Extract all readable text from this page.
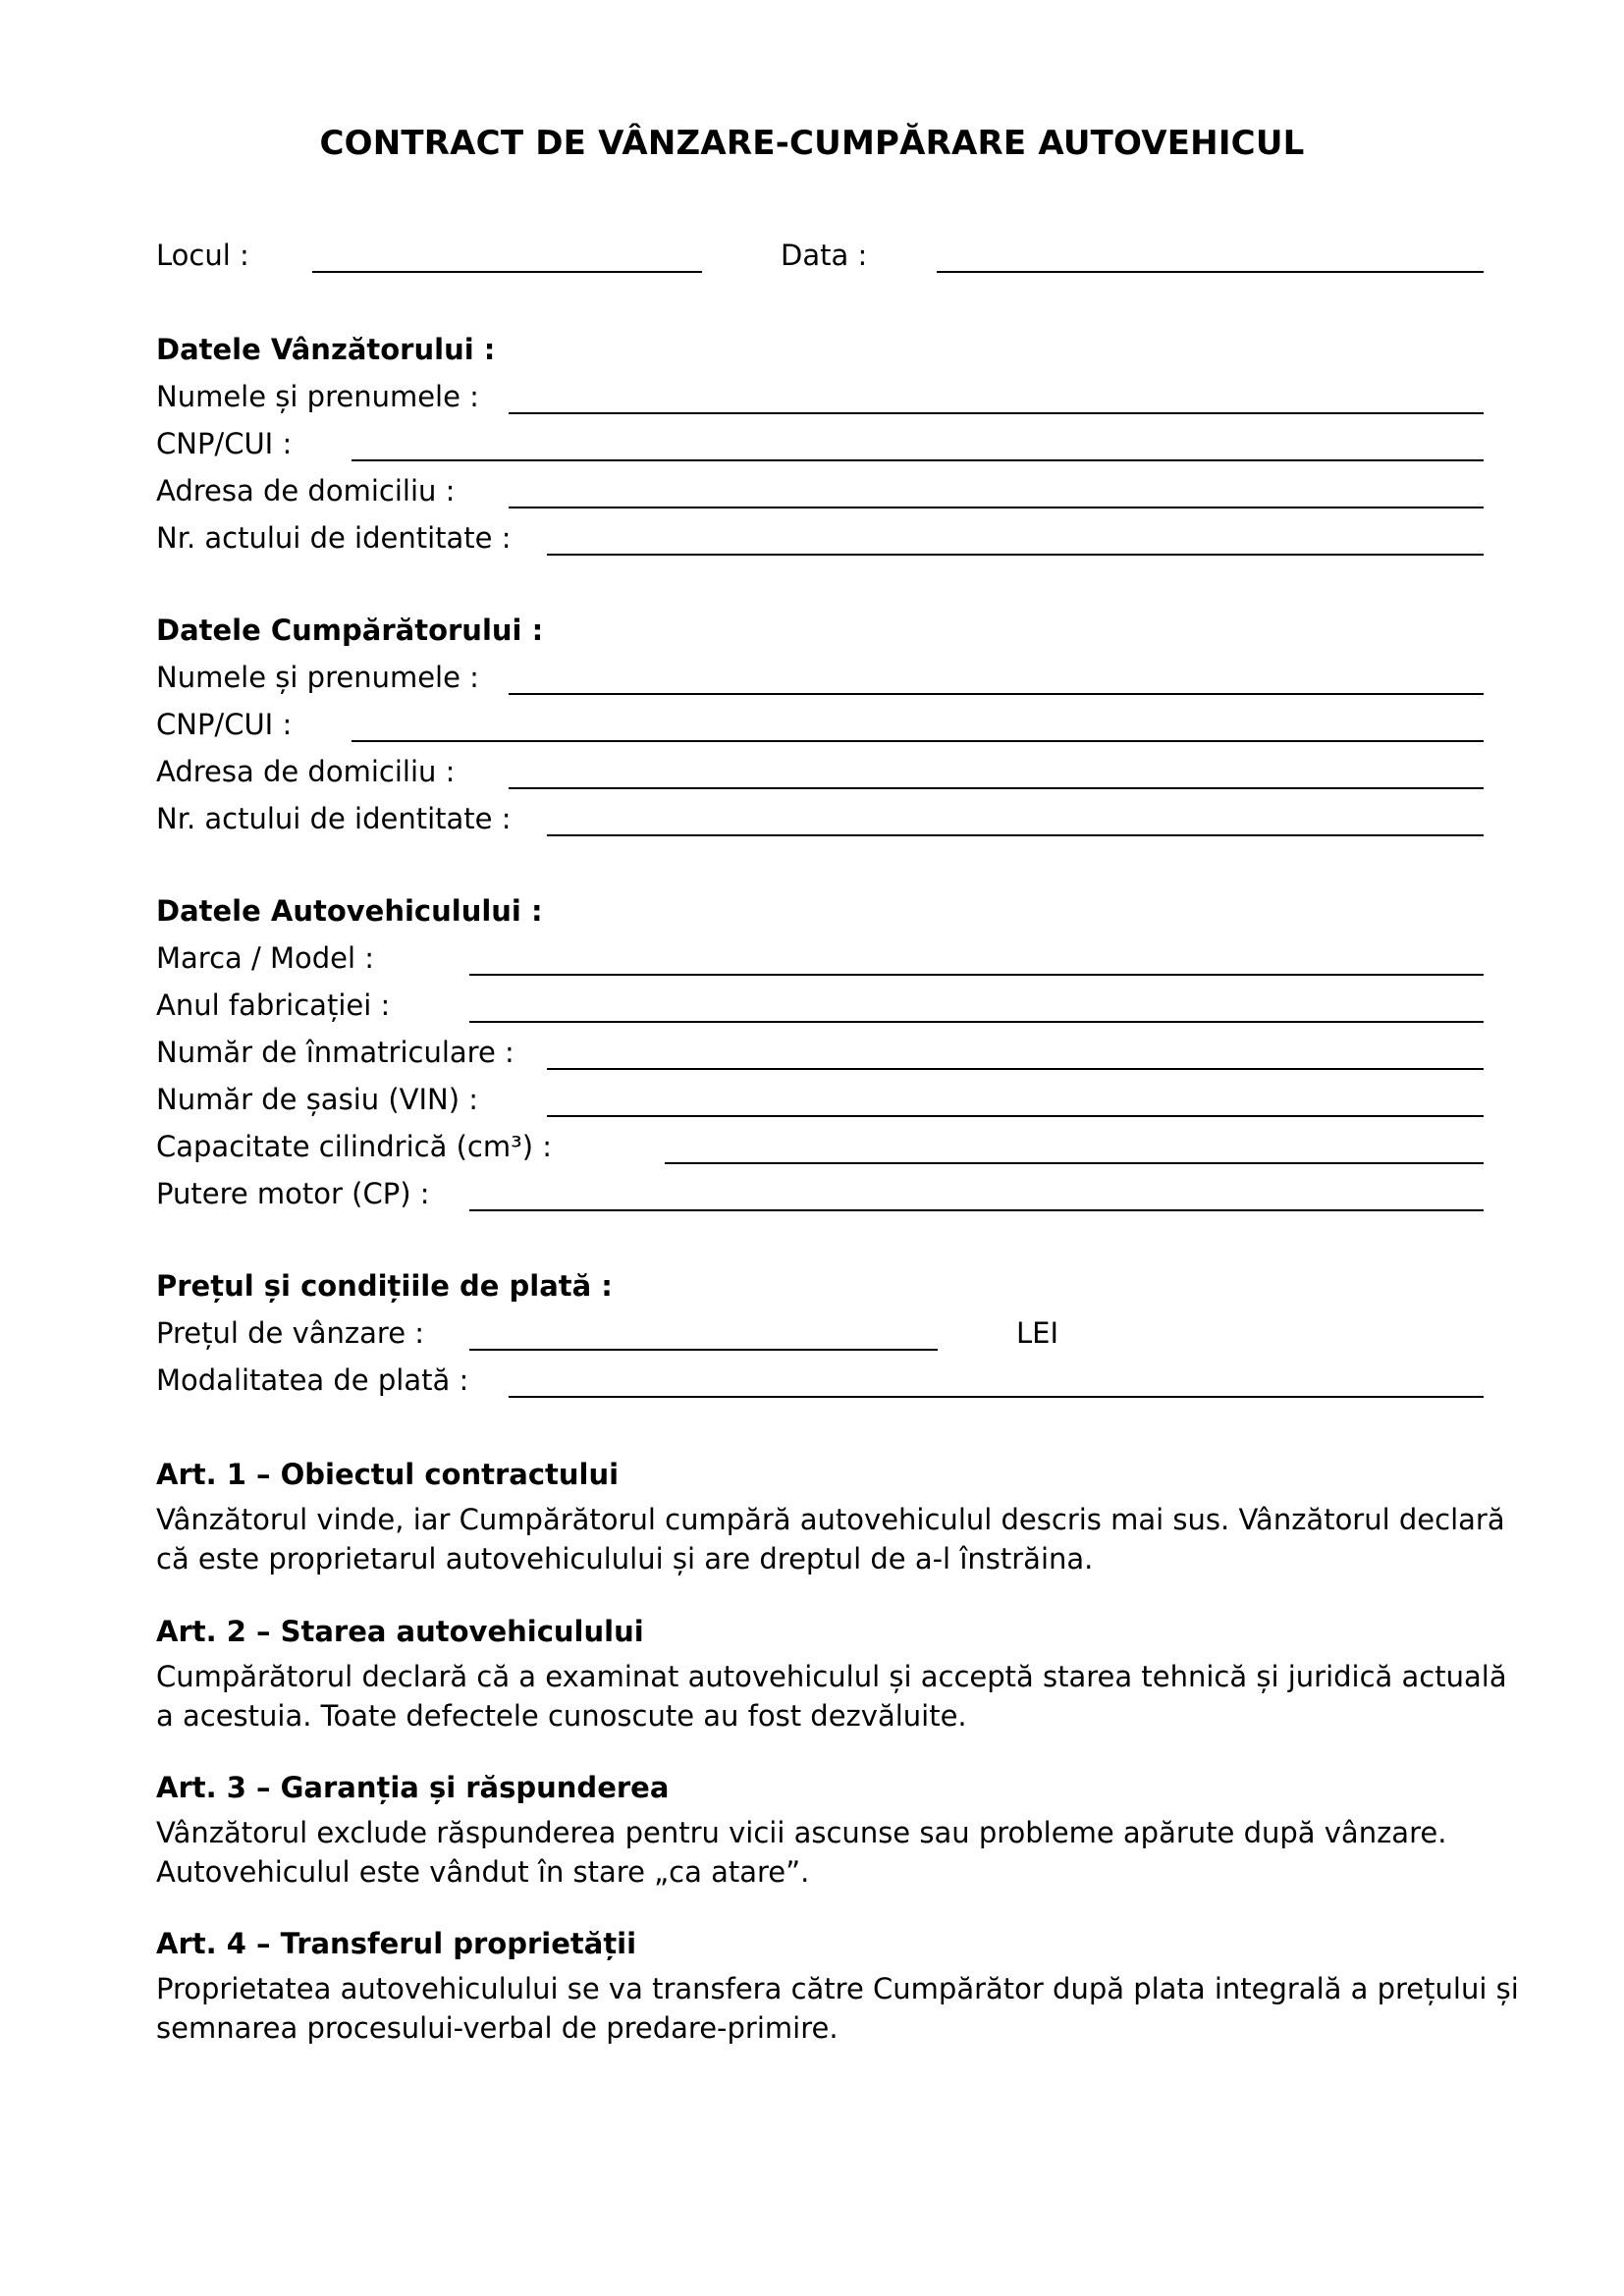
CONTRACT DE VÂNZARE-CUMPĂRARE AUTOVEHICUL
Locul :	Data :
Datele Vânzătorului :
Numele și prenumele :
CNP/CUI :
Adresa de domiciliu :
Nr. actului de identitate :
Datele Cumpărătorului :
Numele și prenumele :
CNP/CUI :
Adresa de domiciliu :
Nr. actului de identitate :
Datele Autovehiculului :
Marca / Model :
Anul fabricației :
Număr de înmatriculare :
Număr de șasiu (VIN) :
Capacitate cilindrică (cm³) :
Putere motor (CP) :
Prețul și condițiile de plată :
Prețul de vânzare :	LEI
Modalitatea de plată :
Art. 1 – Obiectul contractului
Vânzătorul vinde, iar Cumpărătorul cumpără autovehiculul descris mai sus. Vânzătorul declară
că este proprietarul autovehiculului și are dreptul de a-l înstrăina.
Art. 2 – Starea autovehiculului
Cumpărătorul declară că a examinat autovehiculul și acceptă starea tehnică și juridică actuală
a acestuia. Toate defectele cunoscute au fost dezvăluite.
Art. 3 – Garanția și răspunderea
Vânzătorul exclude răspunderea pentru vicii ascunse sau probleme apărute după vânzare.
Autovehiculul este vândut în stare „ca atare”.
Art. 4 – Transferul proprietății
Proprietatea autovehiculului se va transfera către Cumpărător după plata integrală a prețului și
semnarea procesului-verbal de predare-primire.
